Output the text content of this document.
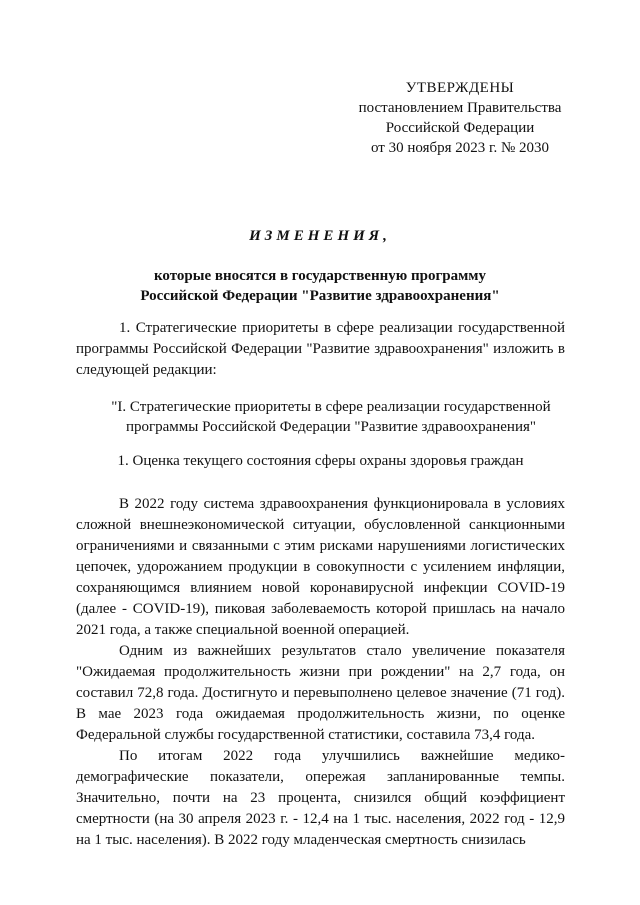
УТВЕРЖДЕНЫ
постановлением Правительства
Российской Федерации
от 30 ноября 2023 г. № 2030
ИЗМЕНЕНИЯ,
которые вносятся в государственную программу
Российской Федерации "Развитие здравоохранения"

1. Стратегические приоритеты в сфере реализации государственной программы Российской Федерации "Развитие здравоохранения" изложить в следующей редакции:

"I. Стратегические приоритеты в сфере реализации государственной
программы Российской Федерации "Развитие здравоохранения"
1. Оценка текущего состояния сферы охраны здоровья граждан

В 2022 году система здравоохранения функционировала в условиях сложной внешнеэкономической ситуации, обусловленной санкционными ограничениями и связанными с этим рисками нарушениями логистических цепочек, удорожанием продукции в совокупности с усилением инфляции, сохраняющимся влиянием новой коронавирусной инфекции COVID-19 (далее - COVID-19), пиковая заболеваемость которой пришлась на начало 2021 года, а также специальной военной операцией.

Одним из важнейших результатов стало увеличение показателя "Ожидаемая продолжительность жизни при рождении" на 2,7 года, он составил 72,8 года. Достигнуто и перевыполнено целевое значение (71 год). В мае 2023 года ожидаемая продолжительность жизни, по оценке Федеральной службы государственной статистики, составила 73,4 года.

По итогам 2022 года улучшились важнейшие медико-демографические показатели, опережая запланированные темпы. Значительно, почти на 23 процента, снизился общий коэффициент смертности (на 30 апреля 2023 г. - 12,4 на 1 тыс. населения, 2022 год - 12,9 на 1 тыс. населения). В 2022 году младенческая смертность снизилась
